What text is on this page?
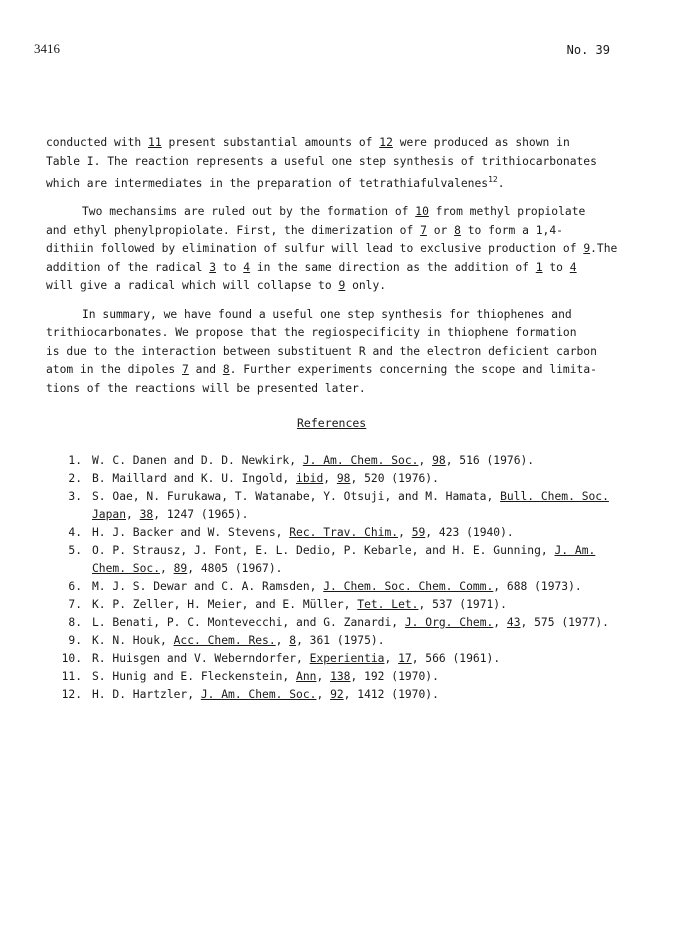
3416	No. 39

conducted with 11 present substantial amounts of 12 were produced as shown in
Table I. The reaction represents a useful one step synthesis of trithiocarbonates
which are intermediates in the preparation of tetrathiafulvalenes$^{12}$.

Two mechansims are ruled out by the formation of 10 from methyl propiolate
and ethyl phenylpropiolate. First, the dimerization of 7 or 8 to form a 1,4-
dithiin followed by elimination of sulfur will lead to exclusive production of 9.The
addition of the radical 3 to 4 in the same direction as the addition of 1 to 4
will give a radical which will collapse to 9 only.

In summary, we have found a useful one step synthesis for thiophenes and
trithiocarbonates. We propose that the regiospecificity in thiophene formation
is due to the interaction between substituent R and the electron deficient carbon
atom in the dipoles 7 and 8. Further experiments concerning the scope and limita-
tions of the reactions will be presented later.

References
1. W. C. Danen and D. D. Newkirk, J. Am. Chem. Soc., 98, 516 (1976).
2. B. Maillard and K. U. Ingold, ibid, 98, 520 (1976).
3. S. Oae, N. Furukawa, T. Watanabe, Y. Otsuji, and M. Hamata, Bull. Chem. Soc.
Japan, 38, 1247 (1965).
4. H. J. Backer and W. Stevens, Rec. Trav. Chim., 59, 423 (1940).
5. O. P. Strausz, J. Font, E. L. Dedio, P. Kebarle, and H. E. Gunning, J. Am.
Chem. Soc., 89, 4805 (1967).
6. M. J. S. Dewar and C. A. Ramsden, J. Chem. Soc. Chem. Comm., 688 (1973).
7. K. P. Zeller, H. Meier, and E. Müller, Tet. Let., 537 (1971).
8. L. Benati, P. C. Montevecchi, and G. Zanardi, J. Org. Chem., 43, 575 (1977).
9. K. N. Houk, Acc. Chem. Res., 8, 361 (1975).
10. R. Huisgen and V. Weberndorfer, Experientia, 17, 566 (1961).
11. S. Hunig and E. Fleckenstein, Ann, 138, 192 (1970).
12. H. D. Hartzler, J. Am. Chem. Soc., 92, 1412 (1970).
